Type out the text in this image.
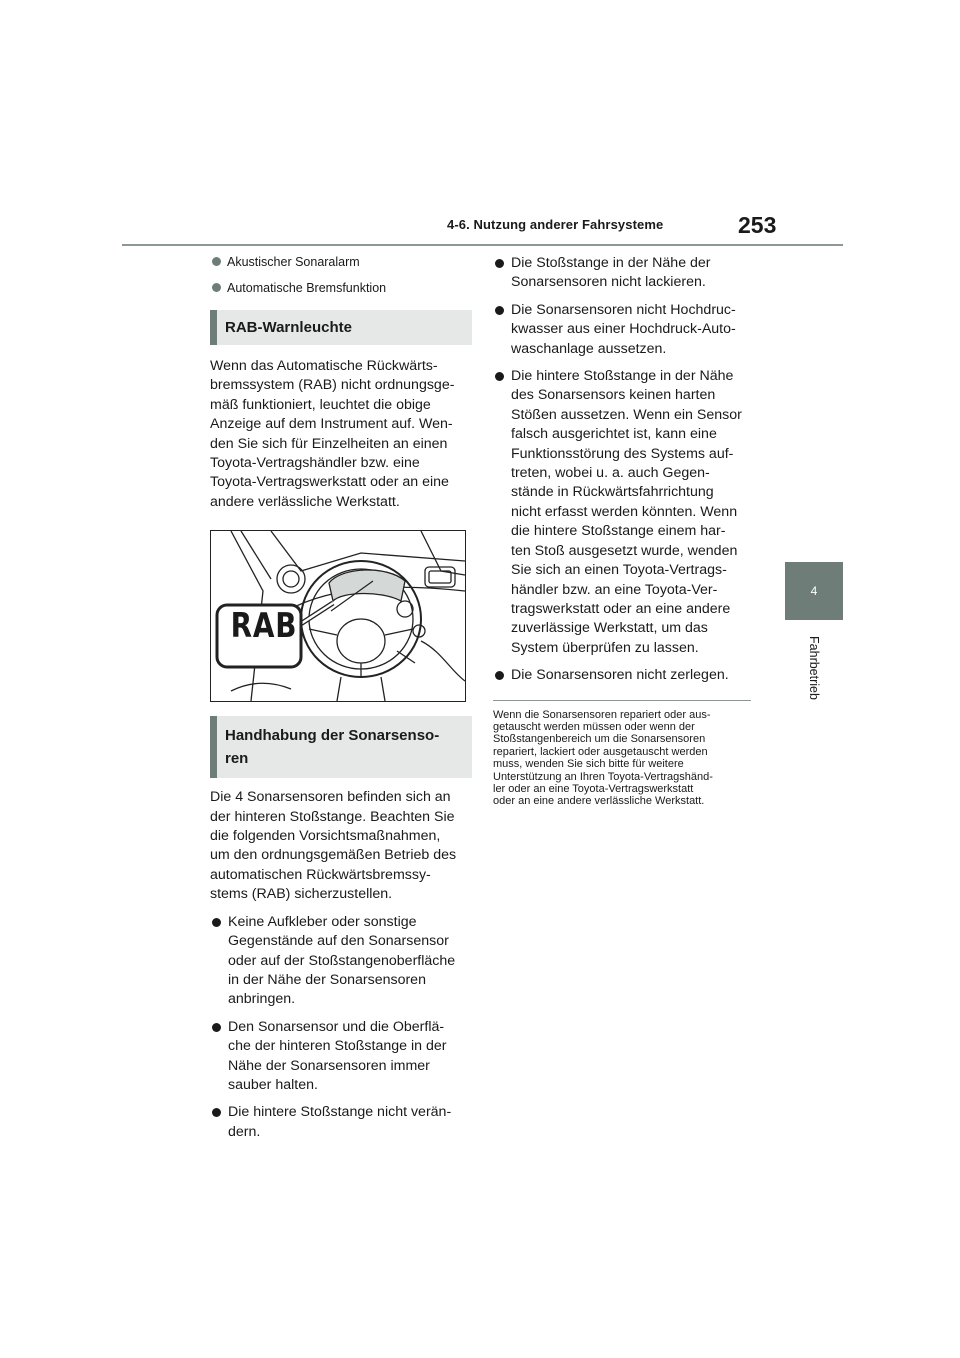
4-6. Nutzung anderer Fahrsysteme	253
4
Fahrbetrieb
Akustischer Sonaralarm
Automatische Bremsfunktion
RAB-Warnleuchte

Wenn das Automatische Rückwärts-
bremssystem (RAB) nicht ordnungsge-
mäß funktioniert, leuchtet die obige
Anzeige auf dem Instrument auf. Wen-
den Sie sich für Einzelheiten an einen
Toyota-Vertragshändler bzw. eine
Toyota-Vertragswerkstatt oder an eine
andere verlässliche Werkstatt.

RAB
Handhabung der Sonarsenso-
ren

Die 4 Sonarsensoren befinden sich an
der hinteren Stoßstange. Beachten Sie
die folgenden Vorsichtsmaßnahmen,
um den ordnungsgemäßen Betrieb des
automatischen Rückwärtsbremssy-
stems (RAB) sicherzustellen.

Keine Aufkleber oder sonstige
Gegenstände auf den Sonarsensor
oder auf der Stoßstangenoberfläche
in der Nähe der Sonarsensoren
anbringen.
Den Sonarsensor und die Oberflä-
che der hinteren Stoßstange in der
Nähe der Sonarsensoren immer
sauber halten.
Die hintere Stoßstange nicht verän-
dern.
Die Stoßstange in der Nähe der
Sonarsensoren nicht lackieren.
Die Sonarsensoren nicht Hochdruc-
kwasser aus einer Hochdruck-Auto-
waschanlage aussetzen.
Die hintere Stoßstange in der Nähe
des Sonarsensors keinen harten
Stößen aussetzen. Wenn ein Sensor
falsch ausgerichtet ist, kann eine
Funktionsstörung des Systems auf-
treten, wobei u. a. auch Gegen-
stände in Rückwärtsfahrrichtung
nicht erfasst werden könnten. Wenn
die hintere Stoßstange einem har-
ten Stoß ausgesetzt wurde, wenden
Sie sich an einen Toyota-Vertrags-
händler bzw. an eine Toyota-Ver-
tragswerkstatt oder an eine andere
zuverlässige Werkstatt, um das
System überprüfen zu lassen.
Die Sonarsensoren nicht zerlegen.

Wenn die Sonarsensoren repariert oder aus-
getauscht werden müssen oder wenn der
Stoßstangenbereich um die Sonarsensoren
repariert, lackiert oder ausgetauscht werden
muss, wenden Sie sich bitte für weitere
Unterstützung an Ihren Toyota-Vertragshänd-
ler oder an eine Toyota-Vertragswerkstatt
oder an eine andere verlässliche Werkstatt.
